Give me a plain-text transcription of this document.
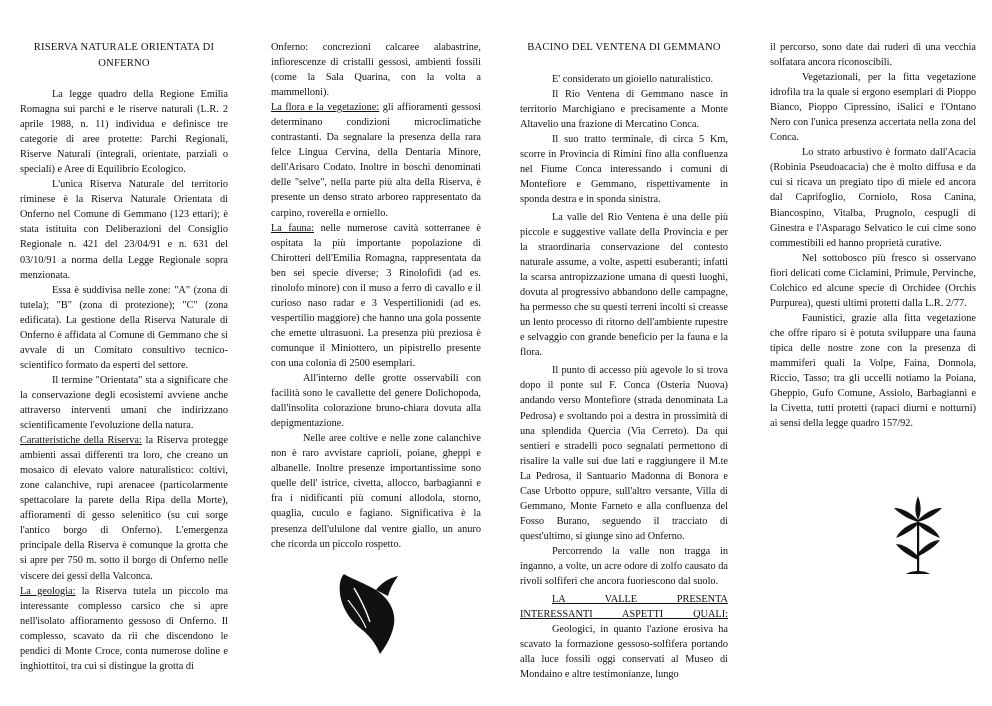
RISERVA NATURALE ORIENTATA DI ONFERNO

La legge quadro della Regione Emilia Romagna sui parchi e le riserve naturali (L.R. 2 aprile 1988, n. 11) individua e definisce tre categorie di aree protette: Parchi Regionali, Riserve Naturali (integrali, orientate, parziali o speciali) e Aree di Equilibrio Ecologico.

L'unica Riserva Naturale del territorio riminese è la Riserva Naturale Orientata di Onferno nel Comune di Gemmano (123 ettari); è stata istituita con Deliberazioni del Consiglio Regionale n. 421 del 23/04/91 e n. 631 del 03/10/91 a norma della Legge Regionale sopra menzionata.

Essa è suddivisa nelle zone: "A" (zona di tutela); "B" (zona di protezione); "C" (zona edificata). La gestione della Riserva Naturale di Onferno è affidata al Comune di Gemmano che si avvale di un Comitato consultivo tecnico-scientifico formato da esperti del settore.

Il termine "Orientata" sta a significare che la conservazione degli ecosistemi avviene anche attraverso interventi umani che indirizzano scientificamente l'evoluzione della natura.

Caratteristiche della Riserva: la Riserva protegge ambienti assai differenti tra loro, che creano un mosaico di elevato valore naturalistico: coltivi, zone calanchive, rupi arenacee (particolarmente spettacolare la parete della Ripa della Morte), affioramenti di gesso selenitico (su cui sorge l'antico borgo di Onferno). L'emergenza principale della Riserva è comunque la grotta che si apre per 750 m. sotto il borgo di Onferno nelle viscere dei gessi della Valconca.

La geologia: la Riserva tutela un piccolo ma interessante complesso carsico che si apre nell'isolato affioramento gessoso di Onferno. Il complesso, scavato da rii che discendono le pendici di Monte Croce, conta numerose doline e inghiottitoi, tra cui si distingue la grotta di

Onferno: concrezioni calcaree alabastrine, infiorescenze di cristalli gessosi, ambienti fossili (come la Sala Quarina, con la volta a mammelloni).

La flora e la vegetazione: gli affioramenti gessosi determinano condizioni microclimatiche contrastanti. Da segnalare la presenza della rara felce Lingua Cervina, della Dentaria Minore, dell'Arisaro Codato. Inoltre in boschi denominati delle "selve", nella parte più alta della Riserva, è presente un denso strato arboreo rappresentato da carpino, roverella e orniello.

La fauna: nelle numerose cavità sotterranee è ospitata la più importante popolazione di Chirotteri dell'Emilia Romagna, rappresentata da ben sei specie diverse; 3 Rinolofidi (ad es. rinolofo minore) con il muso a ferro di cavallo e il curioso naso radar e 3 Vespertilionidi (ad es. vespertilio maggiore) che hanno una gola possente che emette ultrasuoni. La presenza più preziosa è comunque il Miniottero, un pipistrello presente con una colonia di 2500 esemplari.

All'interno delle grotte osservabili con facilità sono le cavallette del genere Dolichopoda, dall'insolita colorazione bruno-chiara dovuta alla depigmentazione.

Nelle aree coltive e nelle zone calanchive non è raro avvistare caprioli, poiane, gheppi e albanelle. Inoltre presenze importantissime sono quelle dell' istrice, civetta, allocco, barbagianni e fra i nidificanti più comuni allodola, storno, quaglia, cuculo e fagiano. Significativa è la presenza dell'ululone dal ventre giallo, un anuro che ricorda un piccolo rospetto.

BACINO DEL VENTENA DI GEMMANO

E' considerato un gioiello naturalistico.

Il Rio Ventena di Gemmano nasce in territorio Marchigiano e precisamente a Monte Altavelio una frazione di Mercatino Conca.

Il suo tratto terminale, di circa 5 Km, scorre in Provincia di Rimini fino alla confluenza nel Fiume Conca interessando i comuni di Montefiore e Gemmano, rispettivamente in sponda destra e in sponda sinistra.

La valle del Rio Ventena è una delle più piccole e suggestive vallate della Provincia e per la straordinaria conservazione del contesto naturale assume, a volte, aspetti esuberanti; infatti la scarsa antropizzazione umana di questi luoghi, dovuta al progressivo abbandono delle campagne, ha permesso che su questi terreni incolti si creasse un lento processo di ritorno dell'ambiente rupestre e selvaggio con grande beneficio per la fauna e la flora.

Il punto di accesso più agevole lo si trova dopo il ponte sul F. Conca (Osteria Nuova) andando verso Montefiore (strada denominata La Pedrosa) e svoltando poi a destra in prossimità di una splendida Quercia (Via Cerreto). Da qui sentieri e stradelli poco segnalati permettono di risalire la valle sui due lati e raggiungere il M.te La Pedrosa, il Santuario Madonna di Bonora e Case Urbotto oppure, sull'altro versante, Villa di Gemmano, Monte Farneto e alla confluenza del Fosso Burano, seguendo il tracciato di quest'ultimo, si giunge sino ad Onferno.

Percorrendo la valle non tragga in inganno, a volte, un acre odore di zolfo causato da rivoli solfiferi che ancora fuoriescono dal suolo.

LA VALLE PRESENTA INTERESSANTI ASPETTI QUALI:

Geologici, in quanto l'azione erosiva ha scavato la formazione gessoso-solfifera portando alla luce fossili oggi conservati al Museo di Mondaino e altre testimonianze, lungo

il percorso, sono date dai ruderi di una vecchia solfatara ancora riconoscibili.

Vegetazionali, per la fitta vegetazione idrofila tra la quale si ergono esemplari di Pioppo Bianco, Pioppo Cipressino, iSalici e l'Ontano Nero con l'unica presenza accertata nella zona del Conca.

Lo strato arbustivo è formato dall'Acacia (Robinia Pseudoacacia) che è molto diffusa e da cui si ricava un pregiato tipo di miele ed ancora dal Caprifoglio, Corniolo, Rosa Canina, Biancospino, Vitalba, Prugnolo, cespugli di Ginestra e l'Asparago Selvatico le cui cime sono commestibili ed hanno proprietà curative.

Nel sottobosco più fresco si osservano fiori delicati come Ciclamini, Primule, Pervinche, Colchico ed alcune specie di Orchidee (Orchis Purpurea), questi ultimi protetti dalla L.R. 2/77.

Faunistici, grazie alla fitta vegetazione che offre riparo si è potuta sviluppare una fauna tipica delle nostre zone con la presenza di mammiferi quali la Volpe, Faina, Donnola, Riccio, Tasso; tra gli uccelli notiamo la Poiana, Gheppio, Gufo Comune, Assiolo, Barbagianni e la Civetta, tutti protetti (rapaci diurni e notturni) ai sensi della legge quadro 157/92.
